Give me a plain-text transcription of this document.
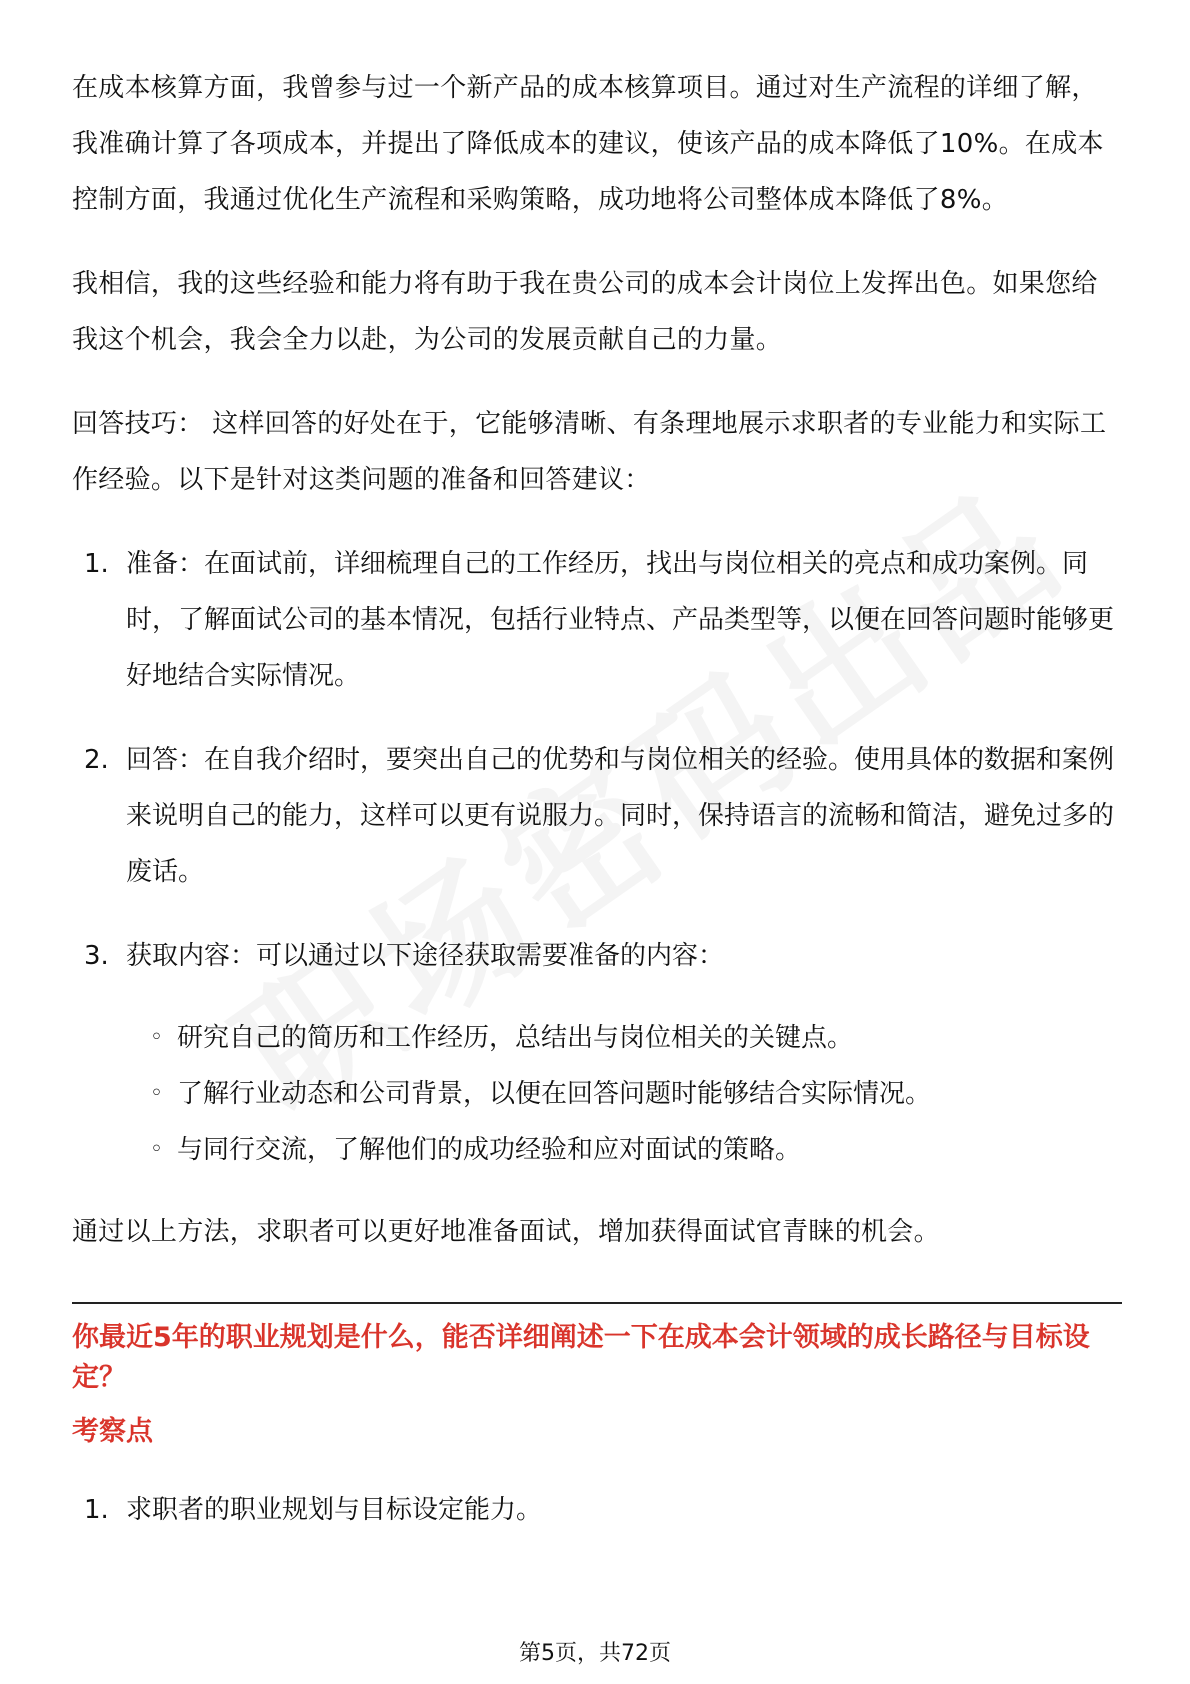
在成本核算方面，我曾参与过一个新产品的成本核算项目。通过对生产流程的详细了解，我准确计算了各项成本，并提出了降低成本的建议，使该产品的成本降低了10%。在成本控制方面，我通过优化生产流程和采购策略，成功地将公司整体成本降低了8%。

我相信，我的这些经验和能力将有助于我在贵公司的成本会计岗位上发挥出色。如果您给我这个机会，我会全力以赴，为公司的发展贡献自己的力量。

回答技巧： 这样回答的好处在于，它能够清晰、有条理地展示求职者的专业能力和实际工作经验。以下是针对这类问题的准备和回答建议：

1. 准备：在面试前，详细梳理自己的工作经历，找出与岗位相关的亮点和成功案例。同时，了解面试公司的基本情况，包括行业特点、产品类型等，以便在回答问题时能够更好地结合实际情况。
2. 回答：在自我介绍时，要突出自己的优势和与岗位相关的经验。使用具体的数据和案例来说明自己的能力，这样可以更有说服力。同时，保持语言的流畅和简洁，避免过多的废话。
3. 获取内容：可以通过以下途径获取需要准备的内容：
◦ 研究自己的简历和工作经历，总结出与岗位相关的关键点。
◦ 了解行业动态和公司背景，以便在回答问题时能够结合实际情况。
◦ 与同行交流，了解他们的成功经验和应对面试的策略。

通过以上方法，求职者可以更好地准备面试，增加获得面试官青睐的机会。

你最近5年的职业规划是什么，能否详细阐述一下在成本会计领域的成长路径与目标设定？

考察点

1. 求职者的职业规划与目标设定能力。
第5页，共72页
